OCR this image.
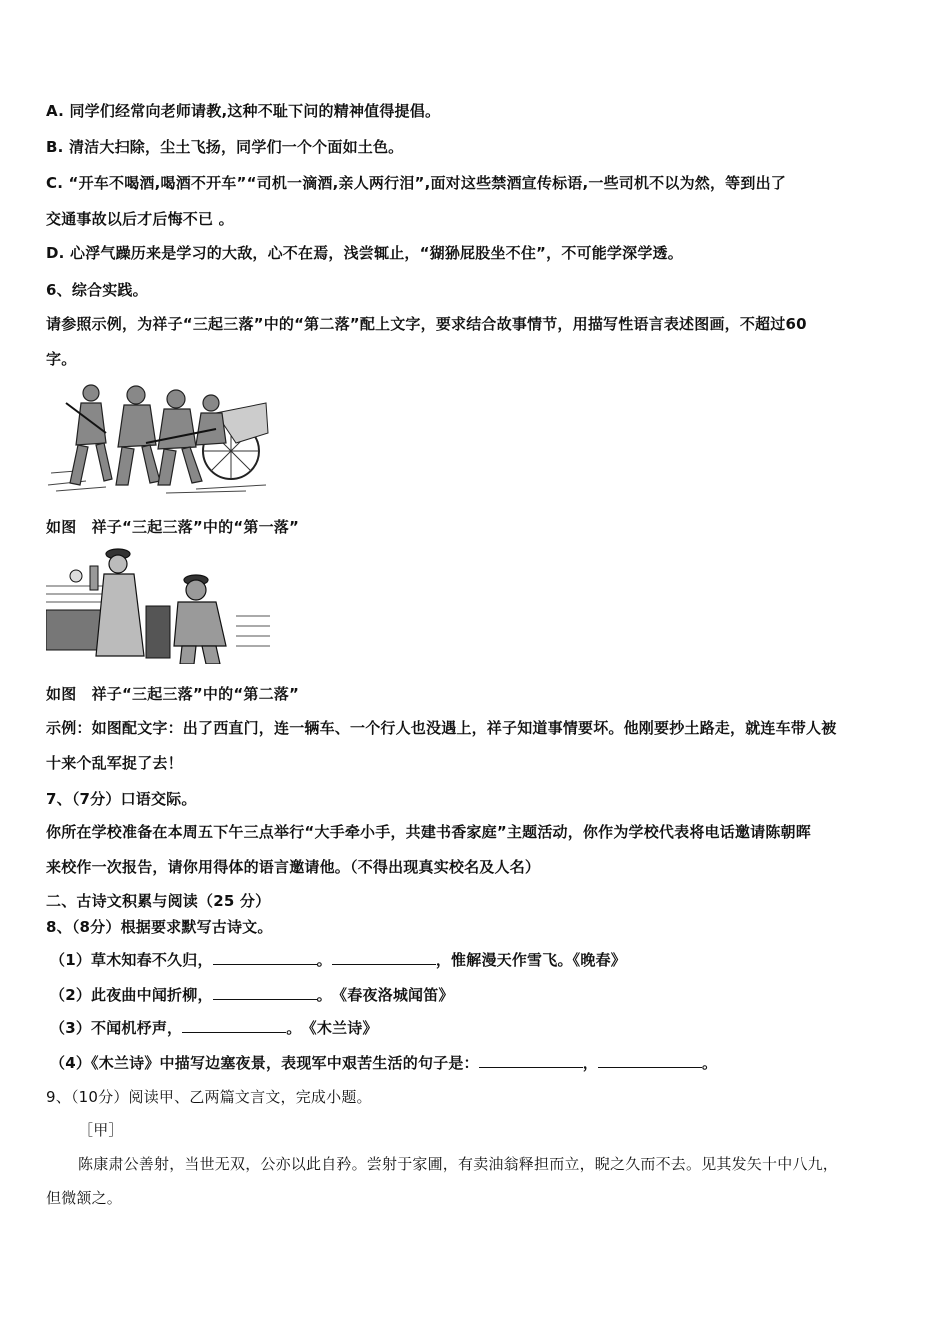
A. 同学们经常向老师请教,这种不耻下问的精神值得提倡。
B. 清洁大扫除，尘土飞扬，同学们一个个面如土色。
C. “开车不喝酒,喝酒不开车”“司机一滴酒,亲人两行泪”,面对这些禁酒宣传标语,一些司机不以为然，等到出了
交通事故以后才后悔不已 。
D. 心浮气躁历来是学习的大敌，心不在焉，浅尝辄止，“猢狲屁股坐不住”，不可能学深学透。
6、综合实践。
请参照示例，为祥子“三起三落”中的“第二落”配上文字，要求结合故事情节，用描写性语言表述图画，不超过60
字。
如图　祥子“三起三落”中的“第一落”
如图　祥子“三起三落”中的“第二落”
示例：如图配文字：出了西直门，连一辆车、一个行人也没遇上，祥子知道事情要坏。他刚要抄土路走，就连车带人被
十来个乱军捉了去！
7、（7分）口语交际。
你所在学校准备在本周五下午三点举行“大手牵小手，共建书香家庭”主题活动，你作为学校代表将电话邀请陈朝晖
来校作一次报告，请你用得体的语言邀请他。（不得出现真实校名及人名）
二、古诗文积累与阅读（25 分）
8、（8分）根据要求默写古诗文。
（1）草木知春不久归，	。	，惟解漫天作雪飞。《晚春》
（2）此夜曲中闻折柳，	。　《春夜洛城闻笛》
（3）不闻机杼声，	。　《木兰诗》
（4）《木兰诗》中描写边塞夜景，表现军中艰苦生活的句子是：	，	。
9、（10分）阅读甲、乙两篇文言文，完成小题。
［甲］
陈康肃公善射，当世无双，公亦以此自矜。尝射于家圃，有卖油翁释担而立，睨之久而不去。见其发矢十中八九，
但微颔之。
